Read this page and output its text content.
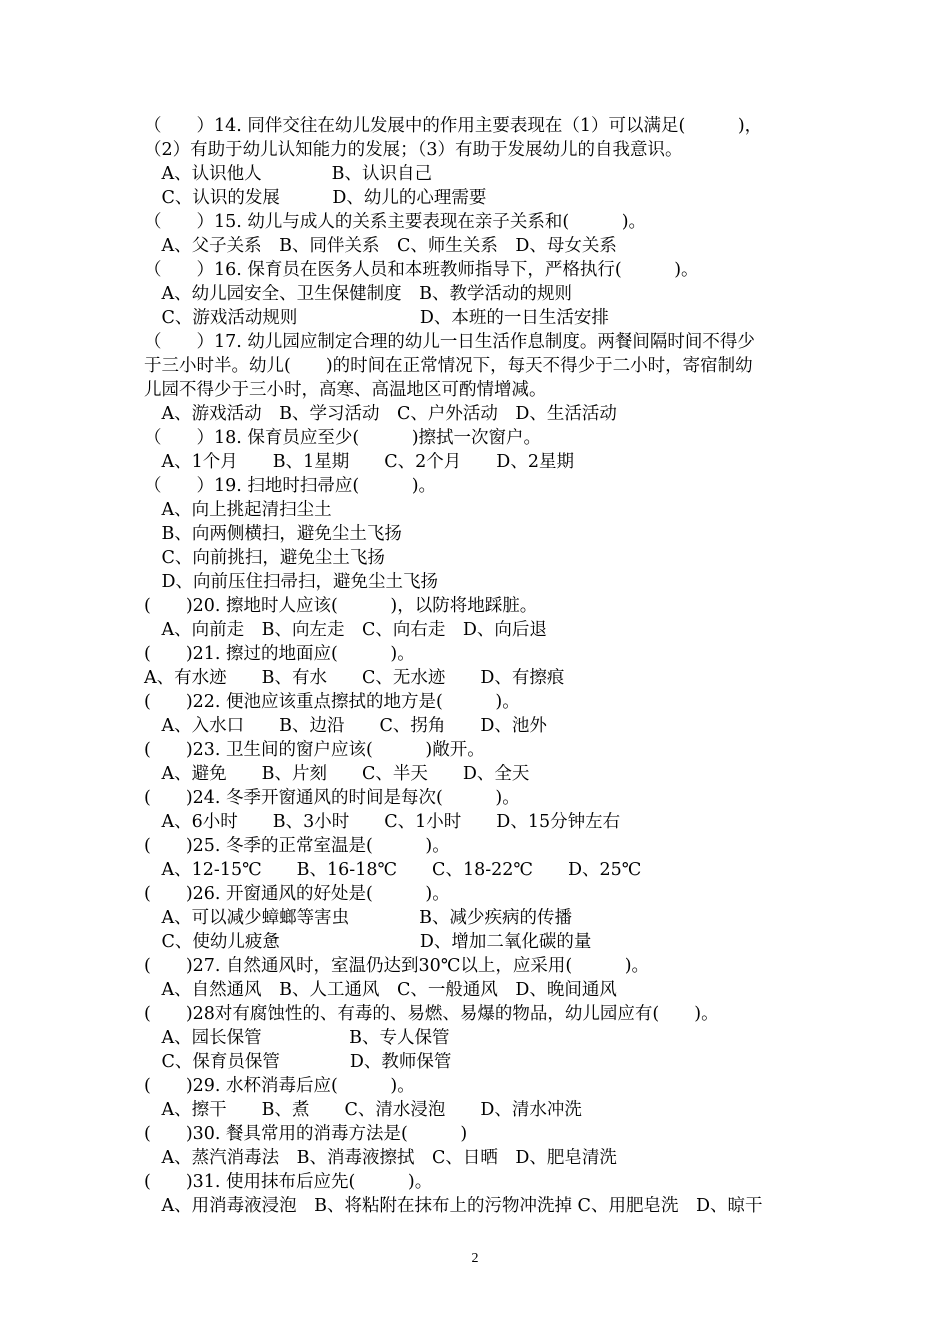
（　　）14. 同伴交往在幼儿发展中的作用主要表现在（1）可以满足(　　　)，
（2）有助于幼儿认知能力的发展；（3）有助于发展幼儿的自我意识。
　A、认识他人　　　　B、认识自己
　C、认识的发展　　　D、幼儿的心理需要
（　　）15. 幼儿与成人的关系主要表现在亲子关系和(　　　)。
　A、父子关系　B、同伴关系　C、师生关系　D、母女关系
（　　）16. 保育员在医务人员和本班教师指导下，严格执行(　　　)。
　A、幼儿园安全、卫生保健制度　B、教学活动的规则
　C、游戏活动规则　　　　　　　D、本班的一日生活安排
（　　）17. 幼儿园应制定合理的幼儿一日生活作息制度。两餐间隔时间不得少
于三小时半。幼儿(　　)的时间在正常情况下，每天不得少于二小时，寄宿制幼
儿园不得少于三小时，高寒、高温地区可酌情增减。
　A、游戏活动　B、学习活动　C、户外活动　D、生活活动
（　　）18. 保育员应至少(　　　)擦拭一次窗户。
　A、1个月　　B、1星期　　C、2个月　　D、2星期
（　　）19. 扫地时扫帚应(　　　)。
　A、向上挑起清扫尘土
　B、向两侧横扫，避免尘土飞扬
　C、向前挑扫，避免尘土飞扬
　D、向前压住扫帚扫，避免尘土飞扬
(　　)20. 擦地时人应该(　　　)，以防将地踩脏。
　A、向前走　B、向左走　C、向右走　D、向后退
(　　)21. 擦过的地面应(　　　)。
A、有水迹　　B、有水　　C、无水迹　　D、有擦痕
(　　)22. 便池应该重点擦拭的地方是(　　　)。
　A、入水口　　B、边沿　　C、拐角　　D、池外
(　　)23. 卫生间的窗户应该(　　　)敞开。
　A、避免　　B、片刻　　C、半天　　D、全天
(　　)24. 冬季开窗通风的时间是每次(　　　)。
　A、6小时　　B、3小时　　C、1小时　　D、15分钟左右
(　　)25. 冬季的正常室温是(　　　)。
　A、12-15℃　　B、16-18℃　　C、18-22℃　　D、25℃
(　　)26. 开窗通风的好处是(　　　)。
　A、可以减少蟑螂等害虫　　　　B、减少疾病的传播
　C、使幼儿疲惫　　　　　　　　D、增加二氧化碳的量
(　　)27. 自然通风时，室温仍达到30℃以上，应采用(　　　)。
　A、自然通风　B、人工通风　C、一般通风　D、晚间通风
(　　)28对有腐蚀性的、有毒的、易燃、易爆的物品，幼儿园应有(　　)。
　A、园长保管　　　　　B、专人保管
　C、保育员保管　　　　D、教师保管
(　　)29. 水杯消毒后应(　　　)。
　A、擦干　　B、煮　　C、清水浸泡　　D、清水冲洗
(　　)30. 餐具常用的消毒方法是(　　　)
　A、蒸汽消毒法　B、消毒液擦拭　C、日晒　D、肥皂清洗
(　　)31. 使用抹布后应先(　　　)。
　A、用消毒液浸泡　B、将粘附在抹布上的污物冲洗掉 C、用肥皂洗　D、晾干
2
